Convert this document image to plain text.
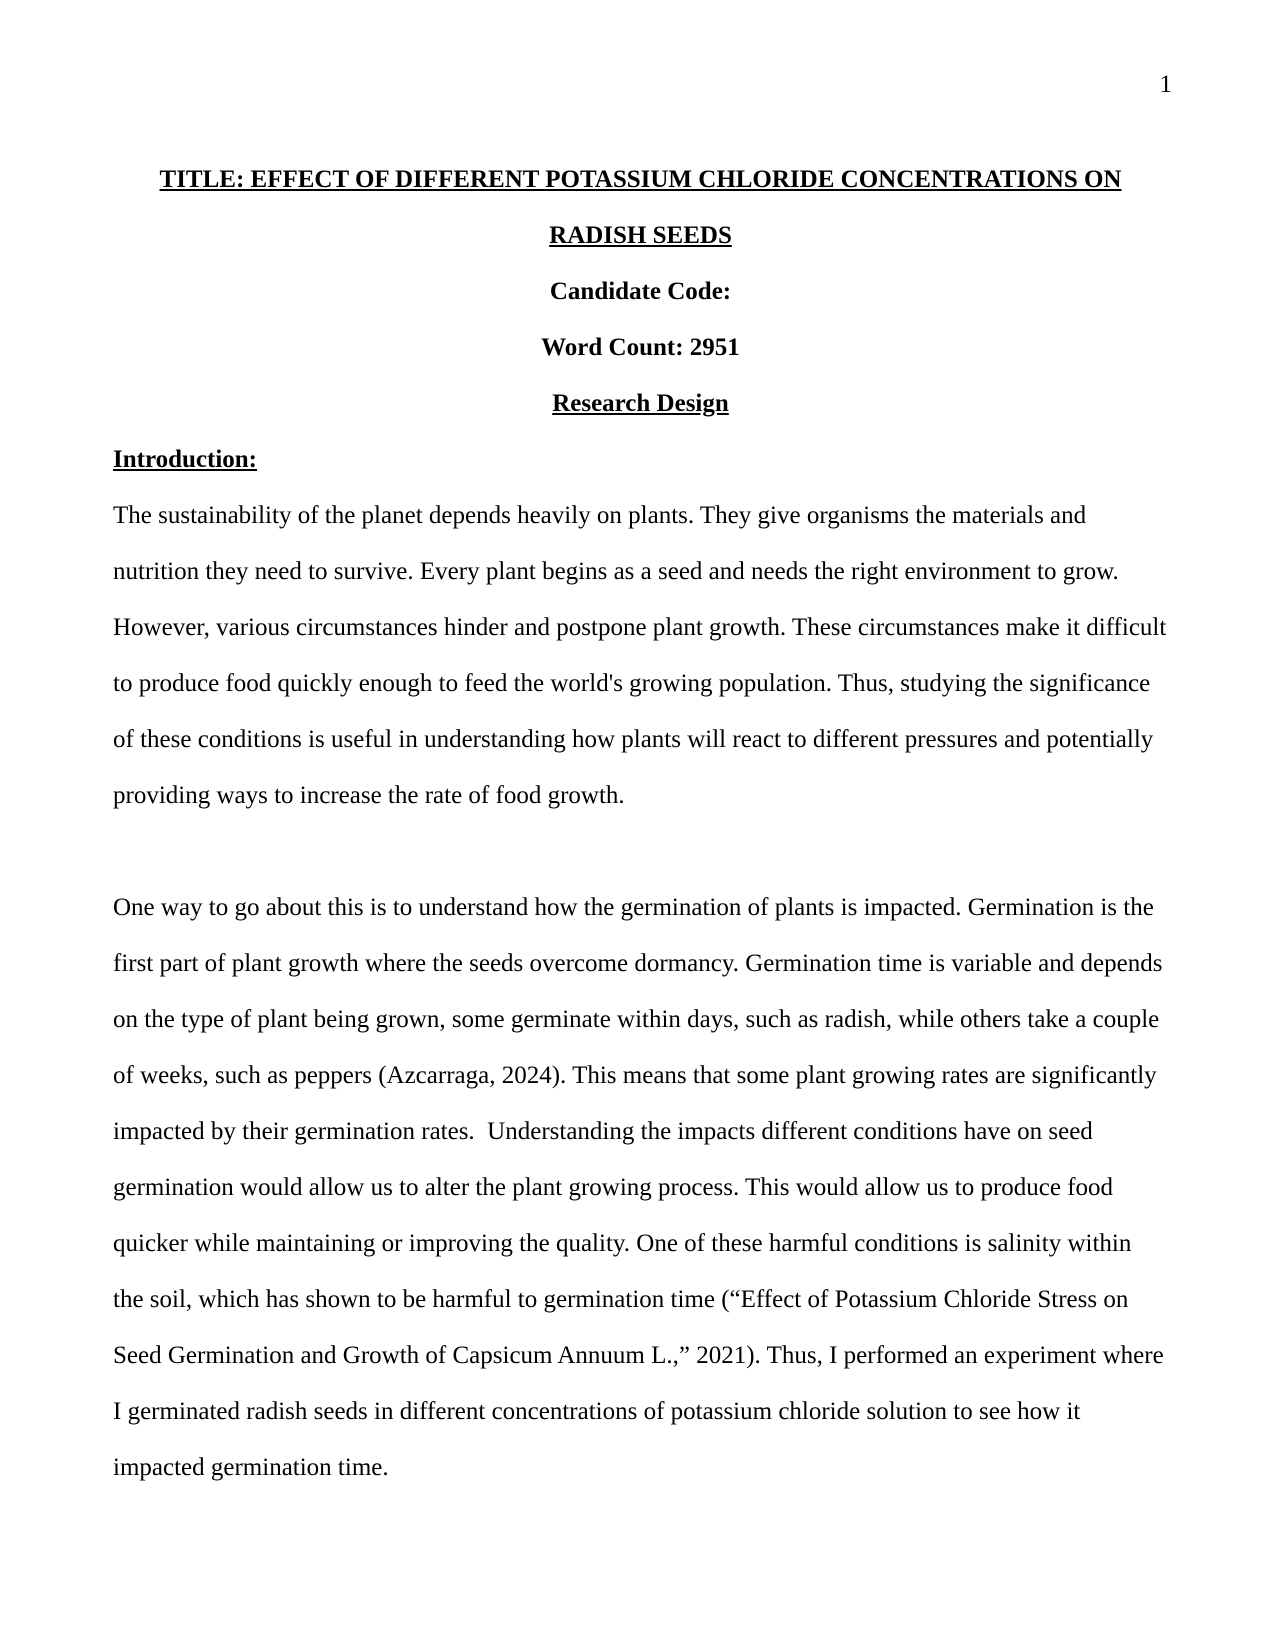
1
TITLE: EFFECT OF DIFFERENT POTASSIUM CHLORIDE CONCENTRATIONS ON
RADISH SEEDS
Candidate Code:
Word Count: 2951
Research Design
Introduction:

The sustainability of the planet depends heavily on plants. They give organisms the materials and nutrition they need to survive. Every plant begins as a seed and needs the right environment to grow. However, various circumstances hinder and postpone plant growth. These circumstances make it difficult to produce food quickly enough to feed the world's growing population. Thus, studying the significance of these conditions is useful in understanding how plants will react to different pressures and potentially providing ways to increase the rate of food growth.

One way to go about this is to understand how the germination of plants is impacted. Germination is the first part of plant growth where the seeds overcome dormancy. Germination time is variable and depends on the type of plant being grown, some germinate within days, such as radish, while others take a couple of weeks, such as peppers (Azcarraga, 2024). This means that some plant growing rates are significantly impacted by their germination rates.  Understanding the impacts different conditions have on seed germination would allow us to alter the plant growing process. This would allow us to produce food quicker while maintaining or improving the quality. One of these harmful conditions is salinity within the soil, which has shown to be harmful to germination time (“Effect of Potassium Chloride Stress on Seed Germination and Growth of Capsicum Annuum L.,” 2021). Thus, I performed an experiment where I germinated radish seeds in different concentrations of potassium chloride solution to see how it impacted germination time.
